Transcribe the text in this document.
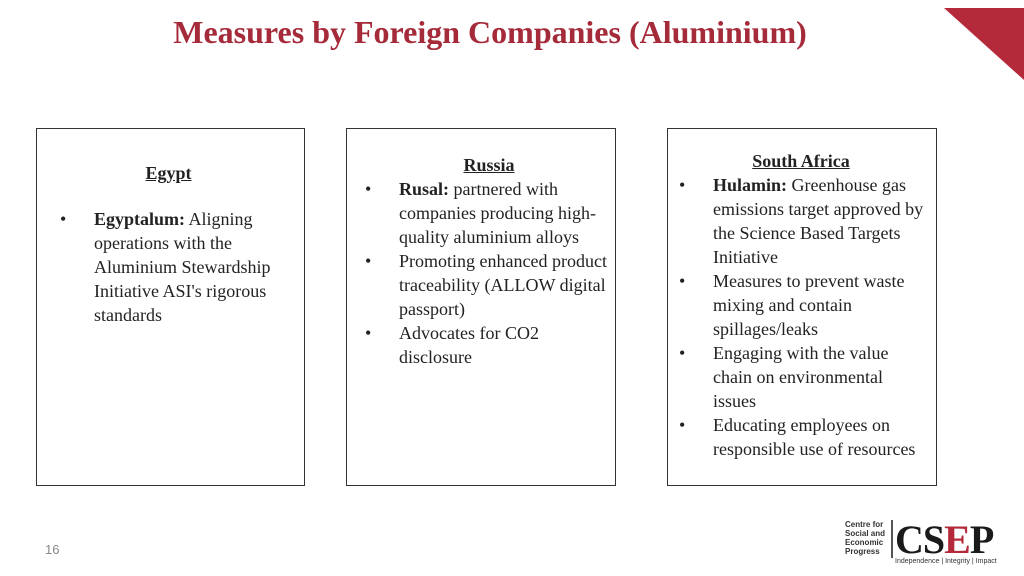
Measures by Foreign Companies (Aluminium)
Egypt
• Egyptalum: Aligning operations with the Aluminium Stewardship Initiative ASI's rigorous standards
Russia
• Rusal: partnered with companies producing high-quality aluminium alloys
• Promoting enhanced product traceability (ALLOW digital passport)
• Advocates for CO2 disclosure
South Africa
• Hulamin: Greenhouse gas emissions target approved by the Science Based Targets Initiative
• Measures to prevent waste mixing and contain spillages/leaks
• Engaging with the value chain on environmental issues
• Educating employees on responsible use of resources
16
Centre for
Social and
Economic
Progress CSEP
Independence | Integrity | Impact
